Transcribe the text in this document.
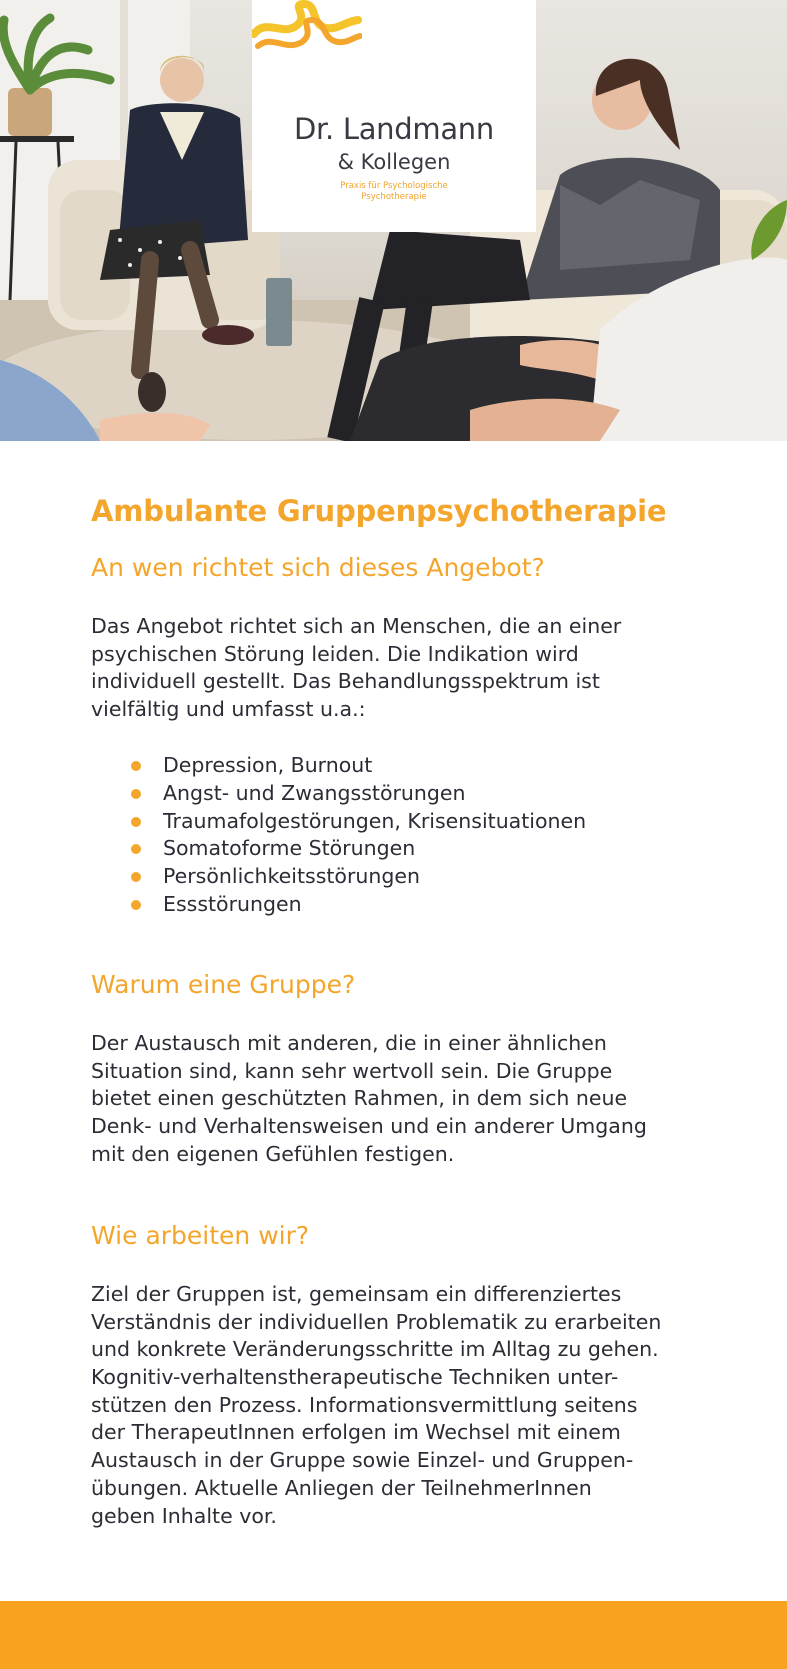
Dr. Landmann
& Kollegen
Praxis für Psychologische
Psychotherapie
Ambulante Gruppenpsychotherapie
An wen richtet sich dieses Angebot?
Das Angebot richtet sich an Menschen, die an einer
psychischen Störung leiden. Die Indikation wird
individuell gestellt. Das Behandlungsspektrum ist
vielfältig und umfasst u.a.:
Depression, Burnout
Angst- und Zwangsstörungen
Traumafolgestörungen, Krisensituationen
Somatoforme Störungen
Persönlichkeitsstörungen
Essstörungen
Warum eine Gruppe?
Der Austausch mit anderen, die in einer ähnlichen
Situation sind, kann sehr wertvoll sein. Die Gruppe
bietet einen geschützten Rahmen, in dem sich neue
Denk- und Verhaltensweisen und ein anderer Umgang
mit den eigenen Gefühlen festigen.
Wie arbeiten wir?
Ziel der Gruppen ist, gemeinsam ein differenziertes
Verständnis der individuellen Problematik zu erarbeiten
und konkrete Veränderungsschritte im Alltag zu gehen.
Kognitiv-verhaltenstherapeutische Techniken unter-
stützen den Prozess. Informationsvermittlung seitens
der TherapeutInnen erfolgen im Wechsel mit einem
Austausch in der Gruppe sowie Einzel- und Gruppen-
übungen. Aktuelle Anliegen der TeilnehmerInnen
geben Inhalte vor.
